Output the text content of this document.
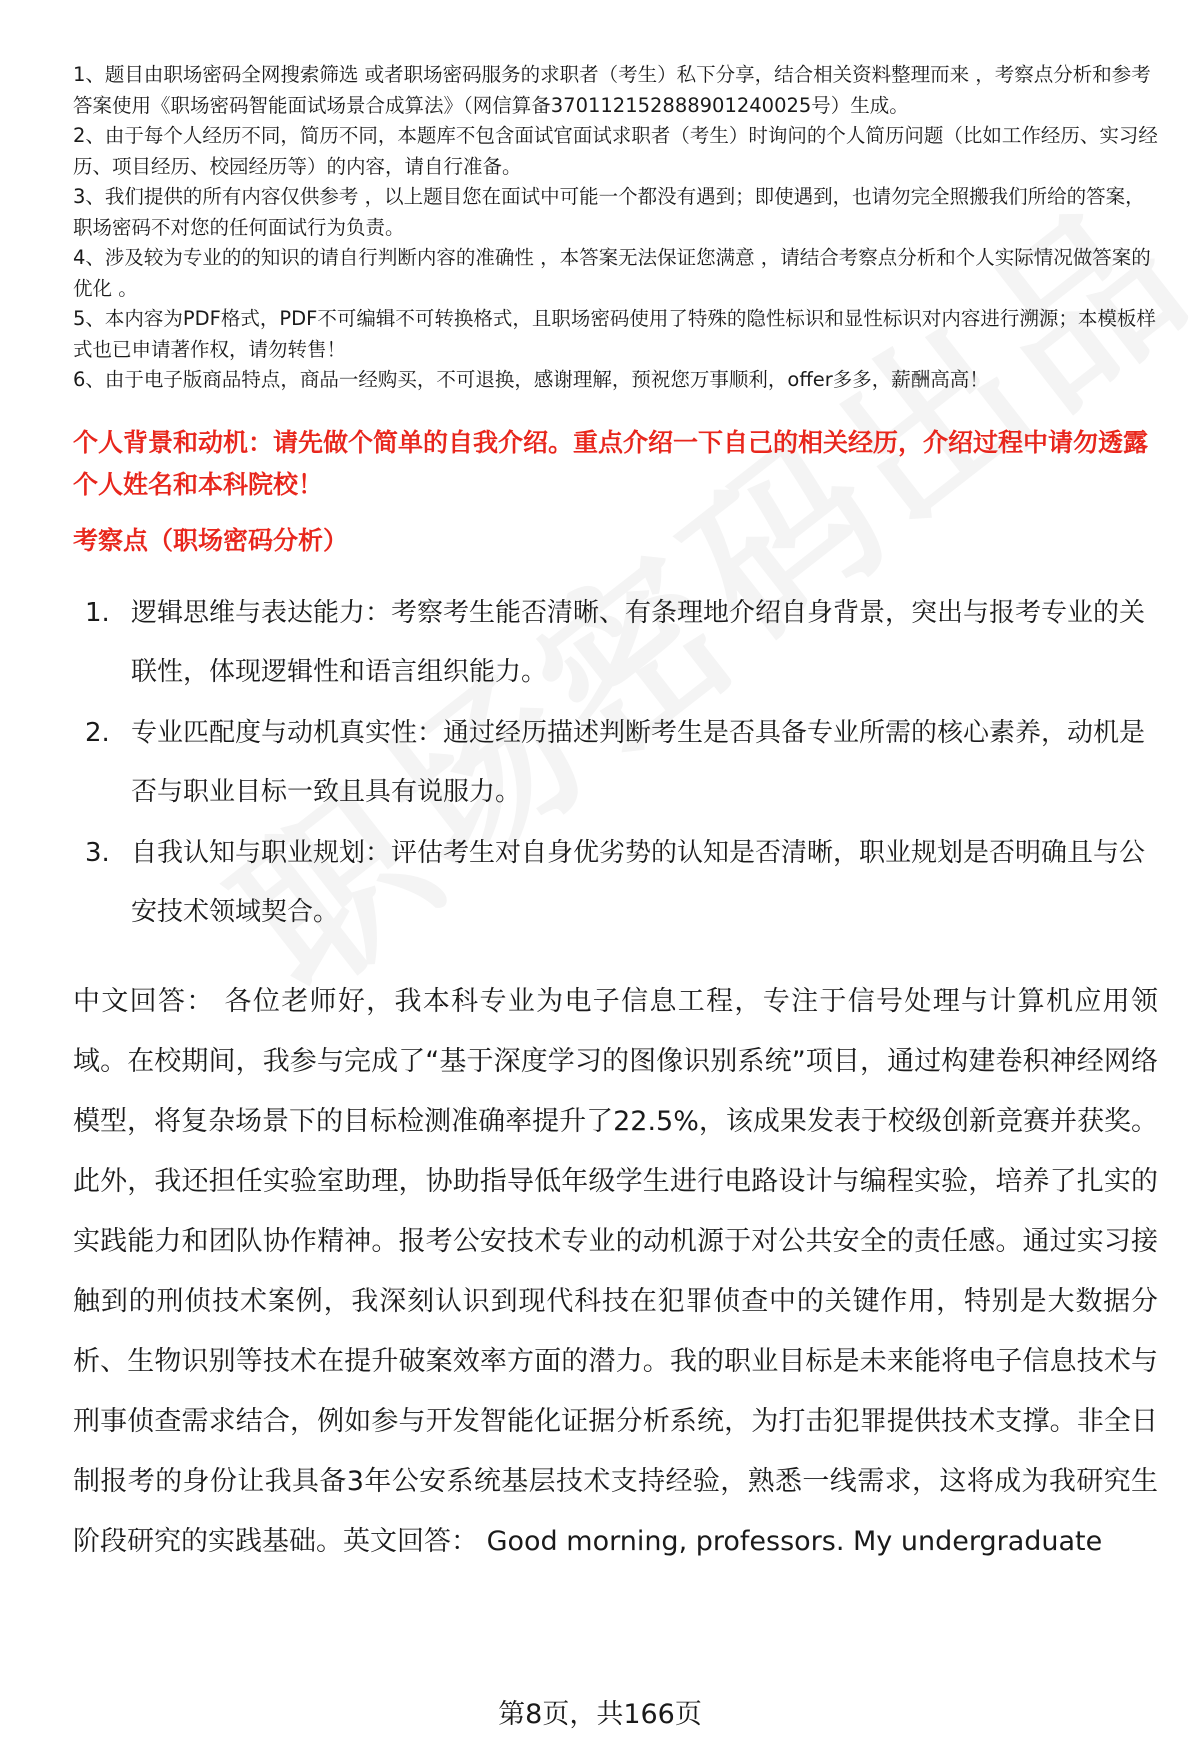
1、题目由职场密码全网搜索筛选 或者职场密码服务的求职者（考生）私下分享，结合相关资料整理而来 ，考察点分析和参考答案使用《职场密码智能面试场景合成算法》（网信算备370112152888901240025号）生成。

2、由于每个人经历不同，简历不同，本题库不包含面试官面试求职者（考生）时询问的个人简历问题（比如工作经历、实习经历、项目经历、校园经历等）的内容，请自行准备。

3、我们提供的所有内容仅供参考 ，以上题目您在面试中可能一个都没有遇到；即使遇到，也请勿完全照搬我们所给的答案，职场密码不对您的任何面试行为负责。

4、涉及较为专业的的知识的请自行判断内容的准确性 ，本答案无法保证您满意 ，请结合考察点分析和个人实际情况做答案的优化 。

5、本内容为PDF格式，PDF不可编辑不可转换格式，且职场密码使用了特殊的隐性标识和显性标识对内容进行溯源；本模板样式也已申请著作权，请勿转售！

6、由于电子版商品特点，商品一经购买，不可退换，感谢理解，预祝您万事顺利，offer多多，薪酬高高！

个人背景和动机：请先做个简单的自我介绍。重点介绍一下自己的相关经历，介绍过程中请勿透露个人姓名和本科院校！
考察点（职场密码分析）
1. 逻辑思维与表达能力：考察考生能否清晰、有条理地介绍自身背景，突出与报考专业的关联性，体现逻辑性和语言组织能力。
2. 专业匹配度与动机真实性：通过经历描述判断考生是否具备专业所需的核心素养，动机是否与职业目标一致且具有说服力。
3. 自我认知与职业规划：评估考生对自身优劣势的认知是否清晰，职业规划是否明确且与公安技术领域契合。
中文回答： 各位老师好，我本科专业为电子信息工程，专注于信号处理与计算机应用领域。在校期间，我参与完成了“基于深度学习的图像识别系统”项目，通过构建卷积神经网络模型，将复杂场景下的目标检测准确率提升了22.5%，该成果发表于校级创新竞赛并获奖。此外，我还担任实验室助理，协助指导低年级学生进行电路设计与编程实验，培养了扎实的实践能力和团队协作精神。报考公安技术专业的动机源于对公共安全的责任感。通过实习接触到的刑侦技术案例，我深刻认识到现代科技在犯罪侦查中的关键作用，特别是大数据分析、生物识别等技术在提升破案效率方面的潜力。我的职业目标是未来能将电子信息技术与刑事侦查需求结合，例如参与开发智能化证据分析系统，为打击犯罪提供技术支撑。非全日制报考的身份让我具备3年公安系统基层技术支持经验，熟悉一线需求，这将成为我研究生阶段研究的实践基础。英文回答： Good morning, professors. My undergraduate
第8页，共166页
